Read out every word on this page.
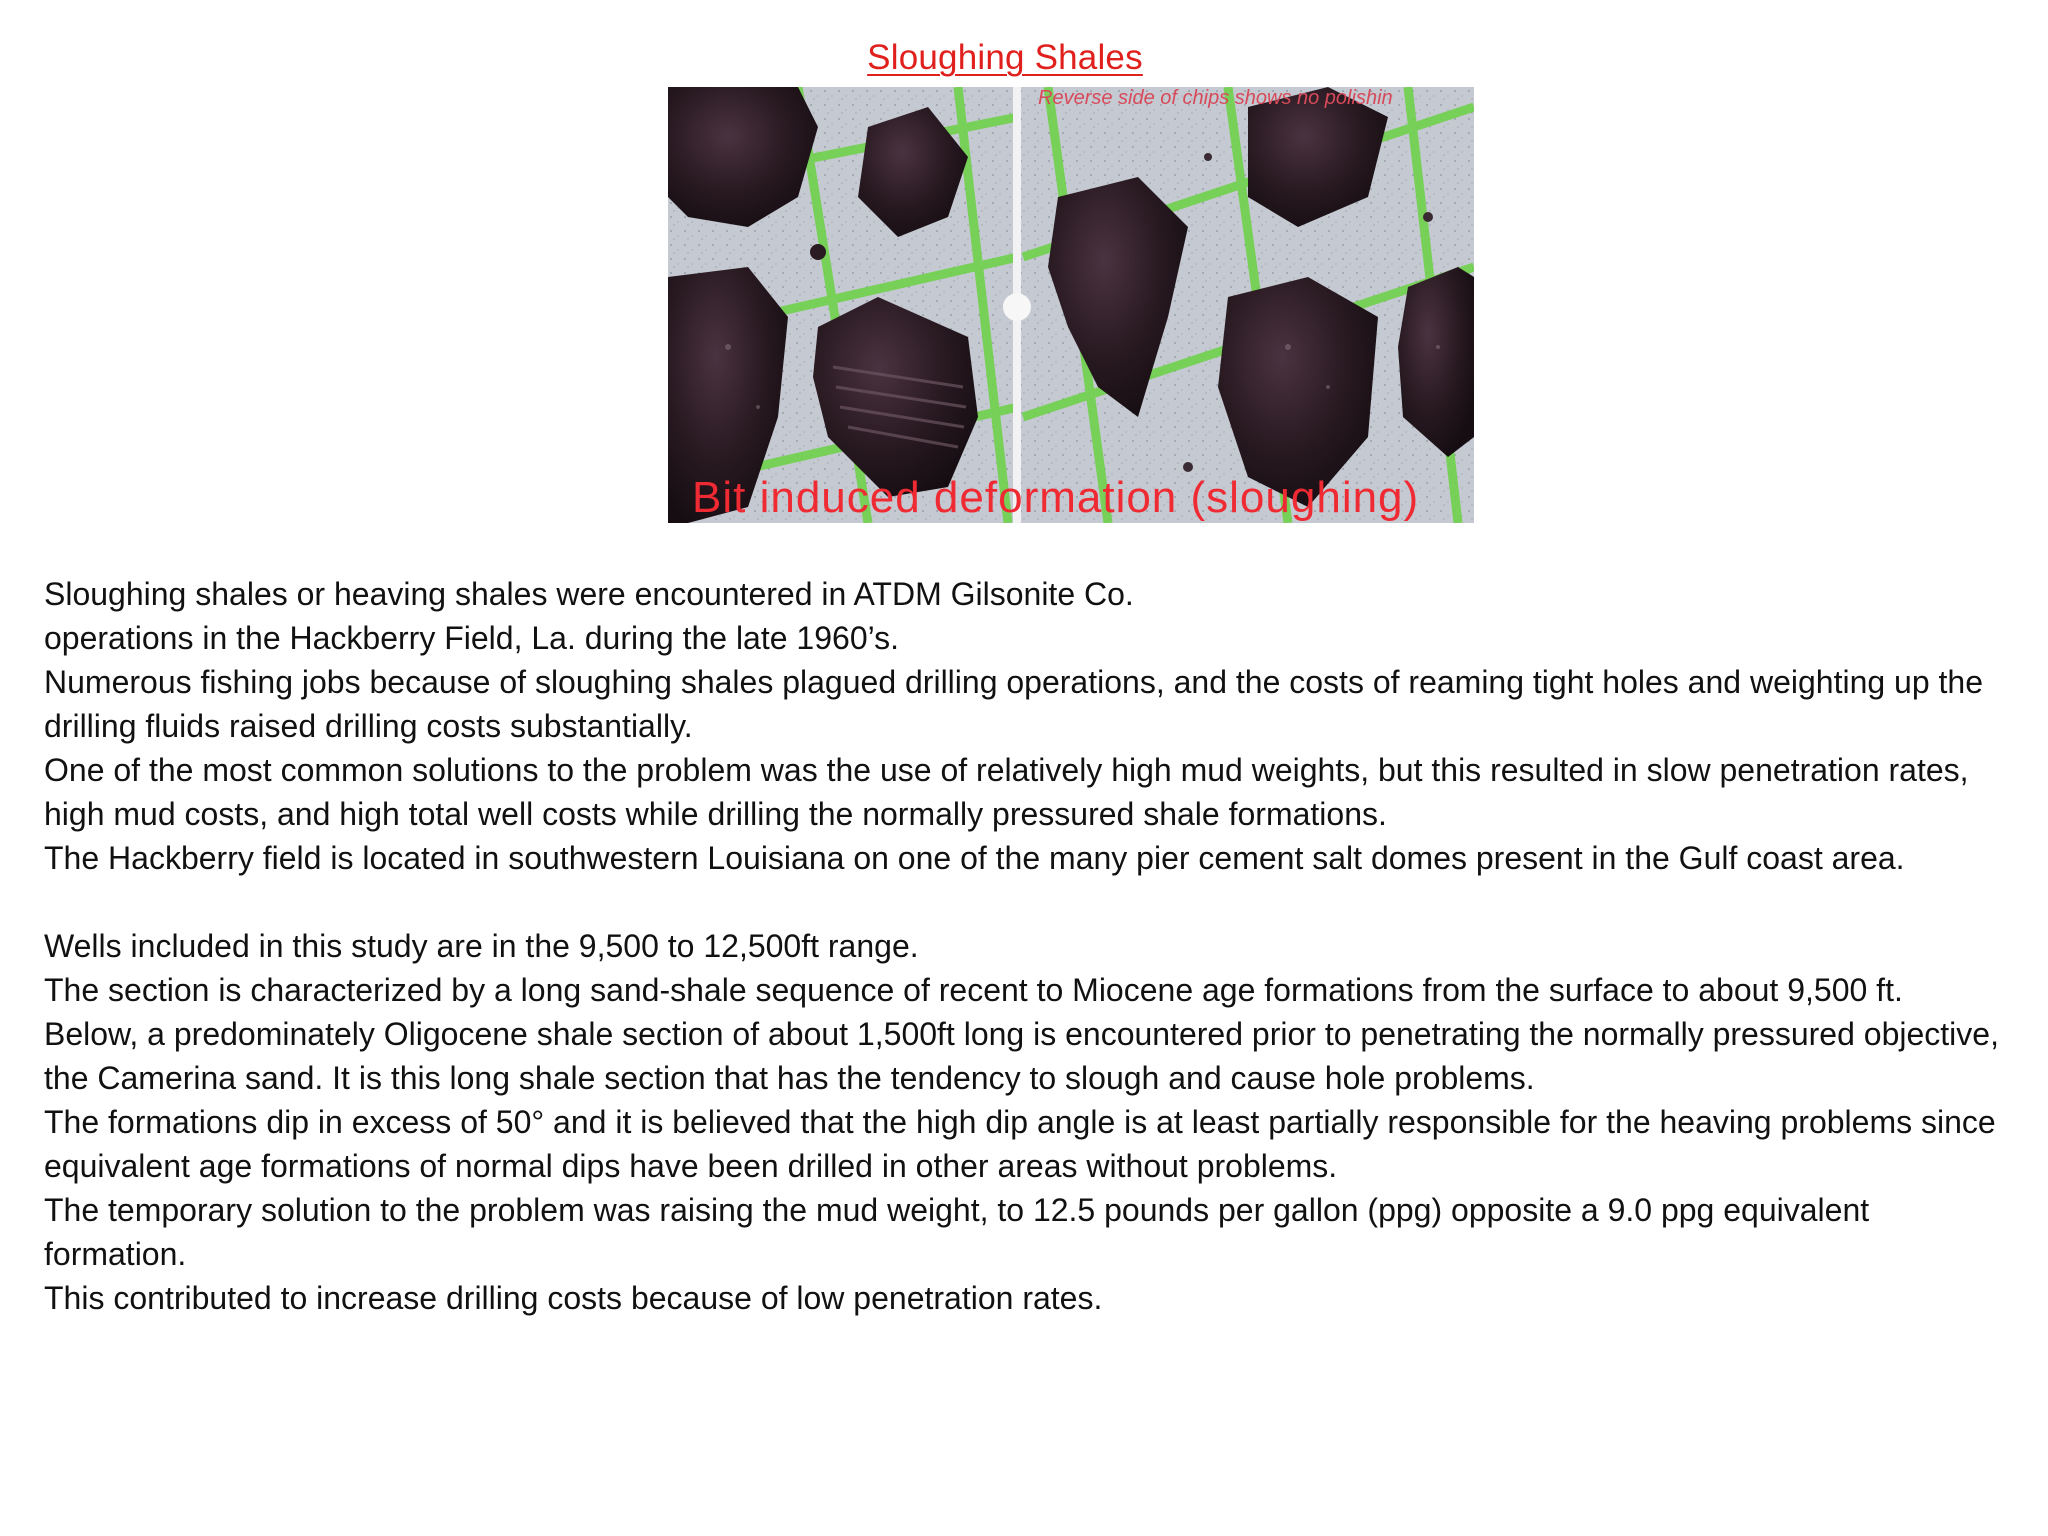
Sloughing Shales
Reverse side of chips shows no polishin
Bit induced deformation (sloughing)

Sloughing shales or heaving shales were encountered in ATDM Gilsonite Co.

operations in the Hackberry Field, La. during the late 1960’s.

Numerous fishing jobs because of sloughing shales plagued drilling operations, and the costs of reaming tight holes and weighting up the drilling fluids raised drilling costs substantially.

One of the most common solutions to the problem was the use of relatively high mud weights, but this resulted in slow penetration rates, high mud costs, and high total well costs while drilling the normally pressured shale formations.

The Hackberry field is located in southwestern Louisiana on one of the many pier cement salt domes present in the Gulf coast area.

Wells included in this study are in the 9,500 to 12,500ft range.

The section is characterized by a long sand-shale sequence of recent to Miocene age formations from the surface to about 9,500 ft.

Below, a predominately Oligocene shale section of about 1,500ft long is encountered prior to penetrating the normally pressured objective, the Camerina sand. It is this long shale section that has the tendency to slough and cause hole problems.

The formations dip in excess of 50° and it is believed that the high dip angle is at least partially responsible for the heaving problems since equivalent age formations of normal dips have been drilled in other areas without problems.

The temporary solution to the problem was raising the mud weight, to 12.5 pounds per gallon (ppg) opposite a 9.0 ppg equivalent formation.

This contributed to increase drilling costs because of low penetration rates.
